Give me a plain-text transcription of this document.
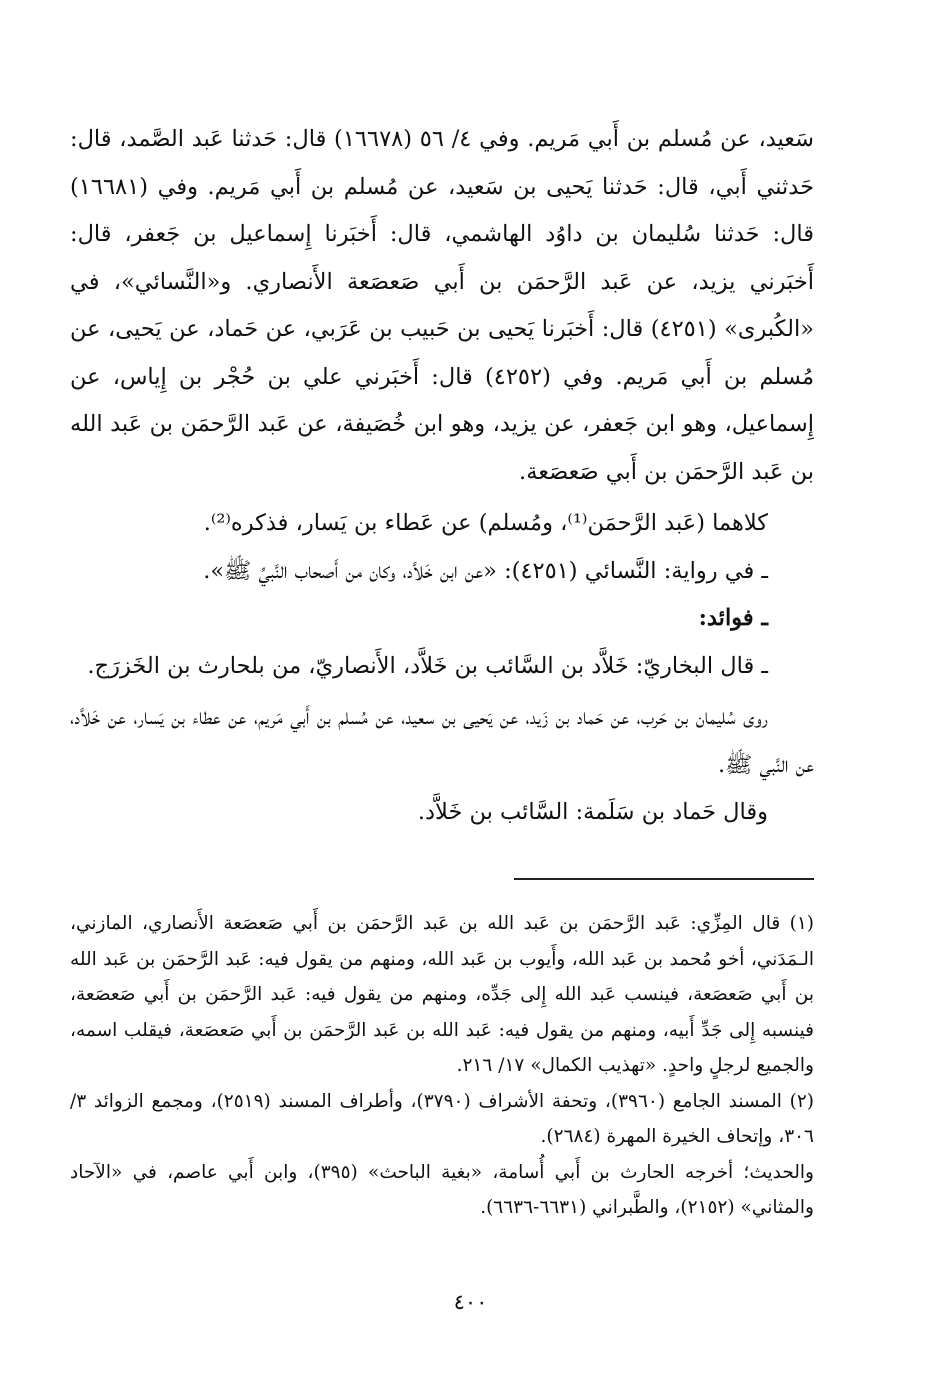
سَعيد، عن مُسلم بن أَبي مَريم. وفي ٤/ ٥٦ (١٦٦٧٨) قال: حَدثنا عَبد الصَّمد، قال: حَدثني أَبي، قال: حَدثنا يَحيى بن سَعيد، عن مُسلم بن أَبي مَريم. وفي (١٦٦٨١) قال: حَدثنا سُليمان بن داوُد الهاشمي، قال: أَخبَرنا إِسماعيل بن جَعفر، قال: أَخبَرني يزيد، عن عَبد الرَّحمَن بن أَبي صَعصَعة الأَنصاري. و«النَّسائي»، في «الكُبرى» (٤٢٥١) قال: أَخبَرنا يَحيى بن حَبيب بن عَرَبي، عن حَماد، عن يَحيى، عن مُسلم بن أَبي مَريم. وفي (٤٢٥٢) قال: أَخبَرني علي بن حُجْر بن إِياس، عن إِسماعيل، وهو ابن جَعفر، عن يزيد، وهو ابن خُصَيفة، عن عَبد الرَّحمَن بن عَبد الله بن عَبد الرَّحمَن بن أَبي صَعصَعة.

كلاهما (عَبد الرَّحمَن⁽¹⁾، ومُسلم) عن عَطاء بن يَسار، فذكره⁽²⁾.

ـ في رواية: النَّسائي (٤٢٥١): «عن ابن خَلاَّد، وكان من أَصحاب النَّبيِّ ﷺ».

ـ فوائد:

ـ قال البخاريّ: خَلاَّد بن السَّائب بن خَلاَّد، الأَنصاريّ، من بلحارث بن الخَزرَج.

روى سُليمان بن حَرب، عن حَماد بن زَيد، عن يَحيى بن سعيد، عن مُسلم بن أَبي مَريم، عن عطاء بن يَسار، عن خَلاَّد، عن النَّبي ﷺ.

وقال حَماد بن سَلَمة: السَّائب بن خَلاَّد.

(١) قال المِزِّي: عَبد الرَّحمَن بن عَبد الله بن عَبد الرَّحمَن بن أَبي صَعصَعة الأَنصاري، المازني، الـمَدَني، أخو مُحمد بن عَبد الله، وأَيوب بن عَبد الله، ومنهم من يقول فيه: عَبد الرَّحمَن بن عَبد الله بن أَبي صَعصَعة، فينسب عَبد الله إِلى جَدِّه، ومنهم من يقول فيه: عَبد الرَّحمَن بن أَبي صَعصَعة، فينسبه إِلى جَدِّ أَبيه، ومنهم من يقول فيه: عَبد الله بن عَبد الرَّحمَن بن أَبي صَعصَعة، فيقلب اسمه، والجميع لرجلٍ واحدٍ. «تهذيب الكمال» ١٧/ ٢١٦.

(٢) المسند الجامع (٣٩٦٠)، وتحفة الأشراف (٣٧٩٠)، وأطراف المسند (٢٥١٩)، ومجمع الزوائد ٣/ ٣٠٦، وإتحاف الخيرة المهرة (٢٦٨٤).

والحديث؛ أخرجه الحارث بن أَبي أُسامة، «بغية الباحث» (٣٩٥)، وابن أَبي عاصم، في «الآحاد والمثاني» (٢١٥٢)، والطَّبراني (٦٦٣١-٦٦٣٦).

٤٠٠
